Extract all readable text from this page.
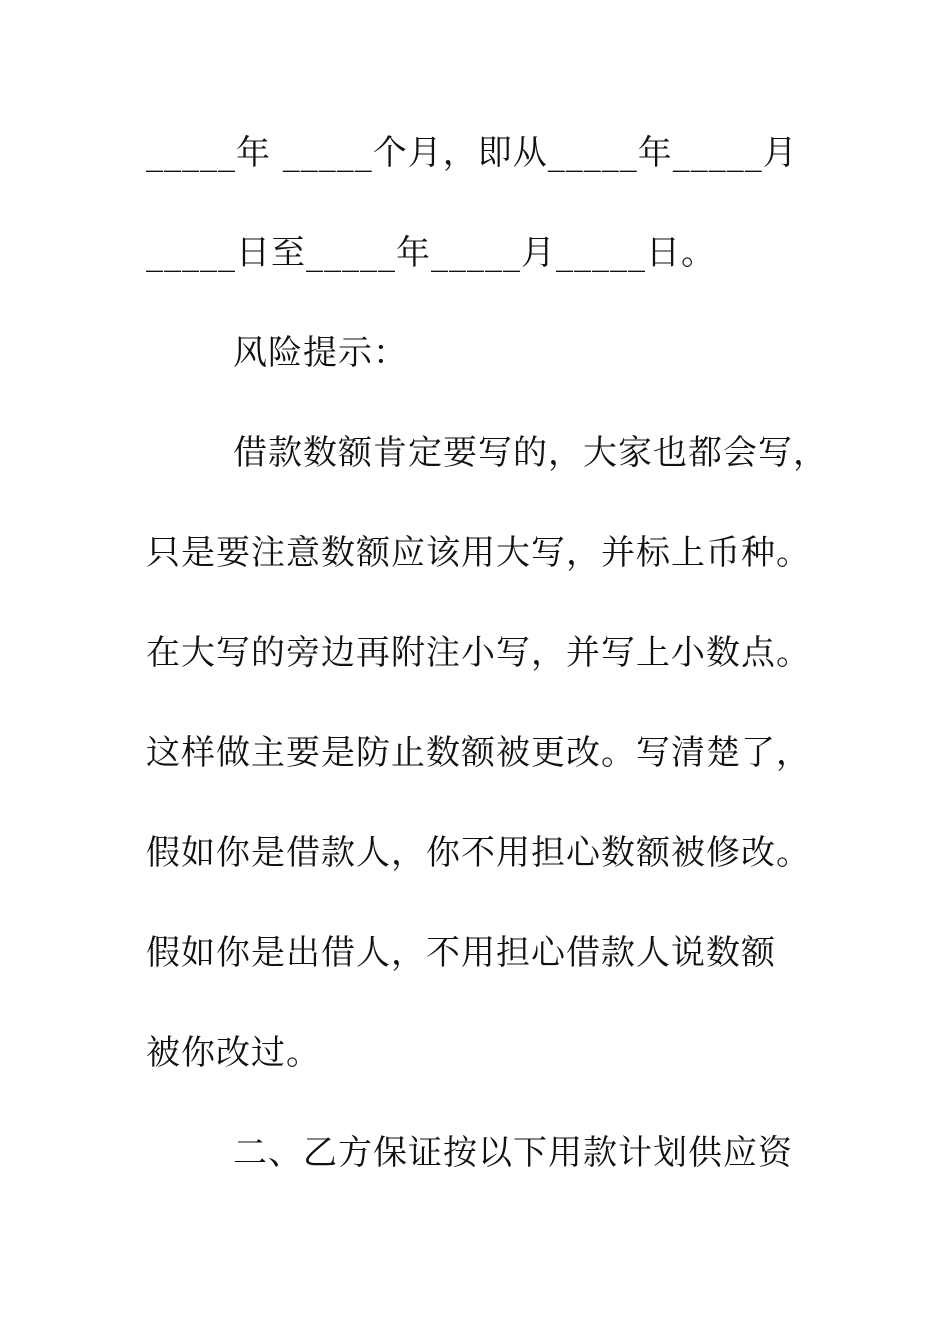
_____年 _____个月，即从_____年_____月
_____日至_____年_____月_____日。
风险提示：
借款数额肯定要写的，大家也都会写，
只是要注意数额应该用大写，并标上币种。
在大写的旁边再附注小写，并写上小数点。
这样做主要是防止数额被更改。写清楚了，
假如你是借款人，你不用担心数额被修改。
假如你是出借人，不用担心借款人说数额
被你改过。
二、乙方保证按以下用款计划供应资
